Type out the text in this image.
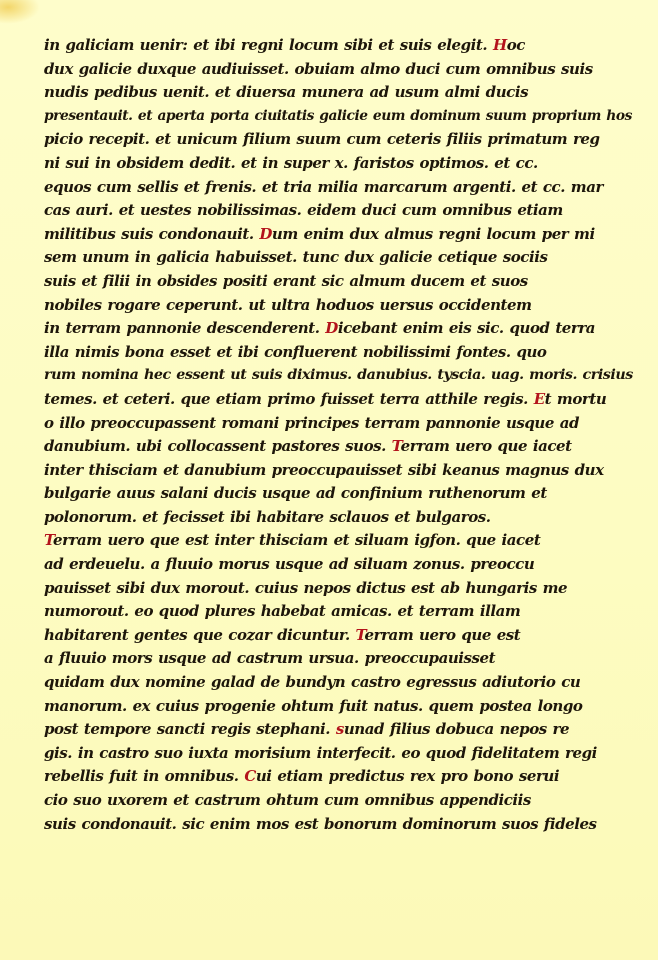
in galiciam uenir: et ibi regni locum sibi et suis elegit. Hoc
dux galicie duxque audiuisset. obuiam almo duci cum omnibus suis
nudis pedibus uenit. et diuersa munera ad usum almi ducis
presentauit. et aperta porta ciuitatis galicie eum dominum suum proprium hos
picio recepit. et unicum filium suum cum ceteris filiis primatum reg
ni sui in obsidem dedit. et in super x. faristos optimos. et cc.
equos cum sellis et frenis. et tria milia marcarum argenti. et cc. mar
cas auri. et uestes nobilissimas. eidem duci cum omnibus etiam
militibus suis condonauit. Dum enim dux almus regni locum per mi
sem unum in galicia habuisset. tunc dux galicie cetique sociis
suis et filii in obsides positi erant sic almum ducem et suos
nobiles rogare ceperunt. ut ultra hoduos uersus occidentem
in terram pannonie descenderent. Dicebant enim eis sic. quod terra
illa nimis bona esset et ibi confluerent nobilissimi fontes. quo
rum nomina hec essent ut suis diximus. danubius. tyscia. uag. moris. crisius
temes. et ceteri. que etiam primo fuisset terra atthile regis. Et mortu
o illo preoccupassent romani principes terram pannonie usque ad
danubium. ubi collocassent pastores suos. Terram uero que iacet
inter thisciam et danubium preoccupauisset sibi keanus magnus dux
bulgarie auus salani ducis usque ad confinium ruthenorum et
polonorum. et fecisset ibi habitare sclauos et bulgaros.
Terram uero que est inter thisciam et siluam igfon. que iacet
ad erdeuelu. a fluuio morus usque ad siluam zonus. preoccu
pauisset sibi dux morout. cuius nepos dictus est ab hungaris me
numorout. eo quod plures habebat amicas. et terram illam
habitarent gentes que cozar dicuntur. Terram uero que est
a fluuio mors usque ad castrum ursua. preoccupauisset
quidam dux nomine galad de bundyn castro egressus adiutorio cu
manorum. ex cuius progenie ohtum fuit natus. quem postea longo
post tempore sancti regis stephani. sunad filius dobuca nepos re
gis. in castro suo iuxta morisium interfecit. eo quod fidelitatem regi
rebellis fuit in omnibus. Cui etiam predictus rex pro bono serui
cio suo uxorem et castrum ohtum cum omnibus appendiciis
suis condonauit. sic enim mos est bonorum dominorum suos fideles
